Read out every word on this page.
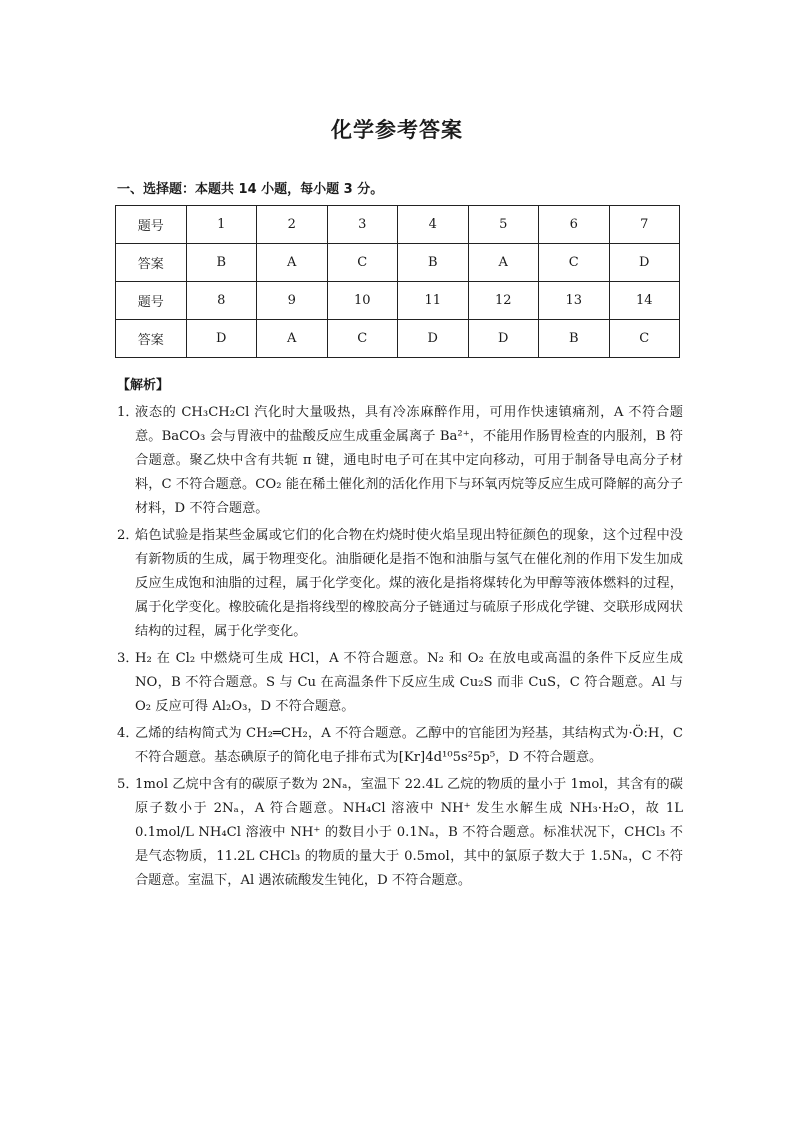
化学参考答案
一、选择题：本题共 14 小题，每小题 3 分。
题号	1	2	3	4	5	6	7
答案	B	A	C	B	A	C	D
题号	8	9	10	11	12	13	14
答案	D	A	C	D	D	B	C
【解析】
1．
液态的 CH₃CH₂Cl 汽化时大量吸热，具有冷冻麻醉作用，可用作快速镇痛剂，A 不符合题意。BaCO₃ 会与胃液中的盐酸反应生成重金属离子 Ba²⁺，不能用作肠胃检查的内服剂，B 符合题意。聚乙炔中含有共轭 π 键，通电时电子可在其中定向移动，可用于制备导电高分子材料，C 不符合题意。CO₂ 能在稀土催化剂的活化作用下与环氧丙烷等反应生成可降解的高分子材料，D 不符合题意。
2．
焰色试验是指某些金属或它们的化合物在灼烧时使火焰呈现出特征颜色的现象，这个过程中没有新物质的生成，属于物理变化。油脂硬化是指不饱和油脂与氢气在催化剂的作用下发生加成反应生成饱和油脂的过程，属于化学变化。煤的液化是指将煤转化为甲醇等液体燃料的过程，属于化学变化。橡胶硫化是指将线型的橡胶高分子链通过与硫原子形成化学键、交联形成网状结构的过程，属于化学变化。
3．
H₂ 在 Cl₂ 中燃烧可生成 HCl，A 不符合题意。N₂ 和 O₂ 在放电或高温的条件下反应生成 NO，B 不符合题意。S 与 Cu 在高温条件下反应生成 Cu₂S 而非 CuS，C 符合题意。Al 与 O₂ 反应可得 Al₂O₃，D 不符合题意。
4．
乙烯的结构简式为 CH₂═CH₂，A 不符合题意。乙醇中的官能团为羟基，其结构式为·Ö:H，C 不符合题意。基态碘原子的简化电子排布式为[Kr]4d¹⁰5s²5p⁵，D 不符合题意。
5．
1mol 乙烷中含有的碳原子数为 2Nₐ，室温下 22.4L 乙烷的物质的量小于 1mol，其含有的碳原子数小于 2Nₐ，A 符合题意。NH₄Cl 溶液中 NH⁺ 发生水解生成 NH₃·H₂O，故 1L 0.1mol/L NH₄Cl 溶液中 NH⁺ 的数目小于 0.1Nₐ，B 不符合题意。标准状况下，CHCl₃ 不是气态物质，11.2L CHCl₃ 的物质的量大于 0.5mol，其中的氯原子数大于 1.5Nₐ，C 不符合题意。室温下，Al 遇浓硫酸发生钝化，D 不符合题意。
